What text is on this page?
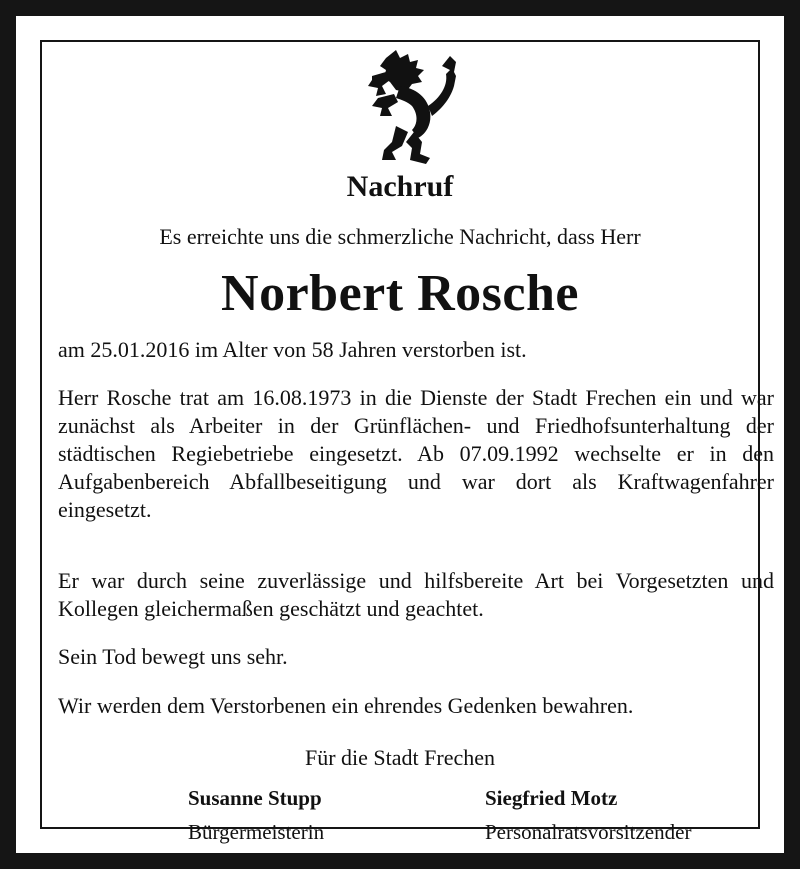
Nachruf
Es erreichte uns die schmerzliche Nachricht, dass Herr
Norbert Rosche
am 25.01.2016 im Alter von 58 Jahren verstorben ist.
Herr Rosche trat am 16.08.1973 in die Dienste der Stadt Frechen ein und war zunächst als Arbeiter in der Grünflächen- und Friedhofsunterhaltung der städtischen Regiebetriebe eingesetzt. Ab 07.09.1992 wechselte er in den Aufgabenbereich Abfallbeseitigung und war dort als Kraftwagenfahrer eingesetzt.
Er war durch seine zuverlässige und hilfsbereite Art bei Vorgesetzten und Kollegen gleichermaßen geschätzt und geachtet.
Sein Tod bewegt uns sehr.
Wir werden dem Verstorbenen ein ehrendes Gedenken bewahren.
Für die Stadt Frechen
Susanne Stupp
Bürgermeisterin
Siegfried Motz
Personalratsvorsitzender
